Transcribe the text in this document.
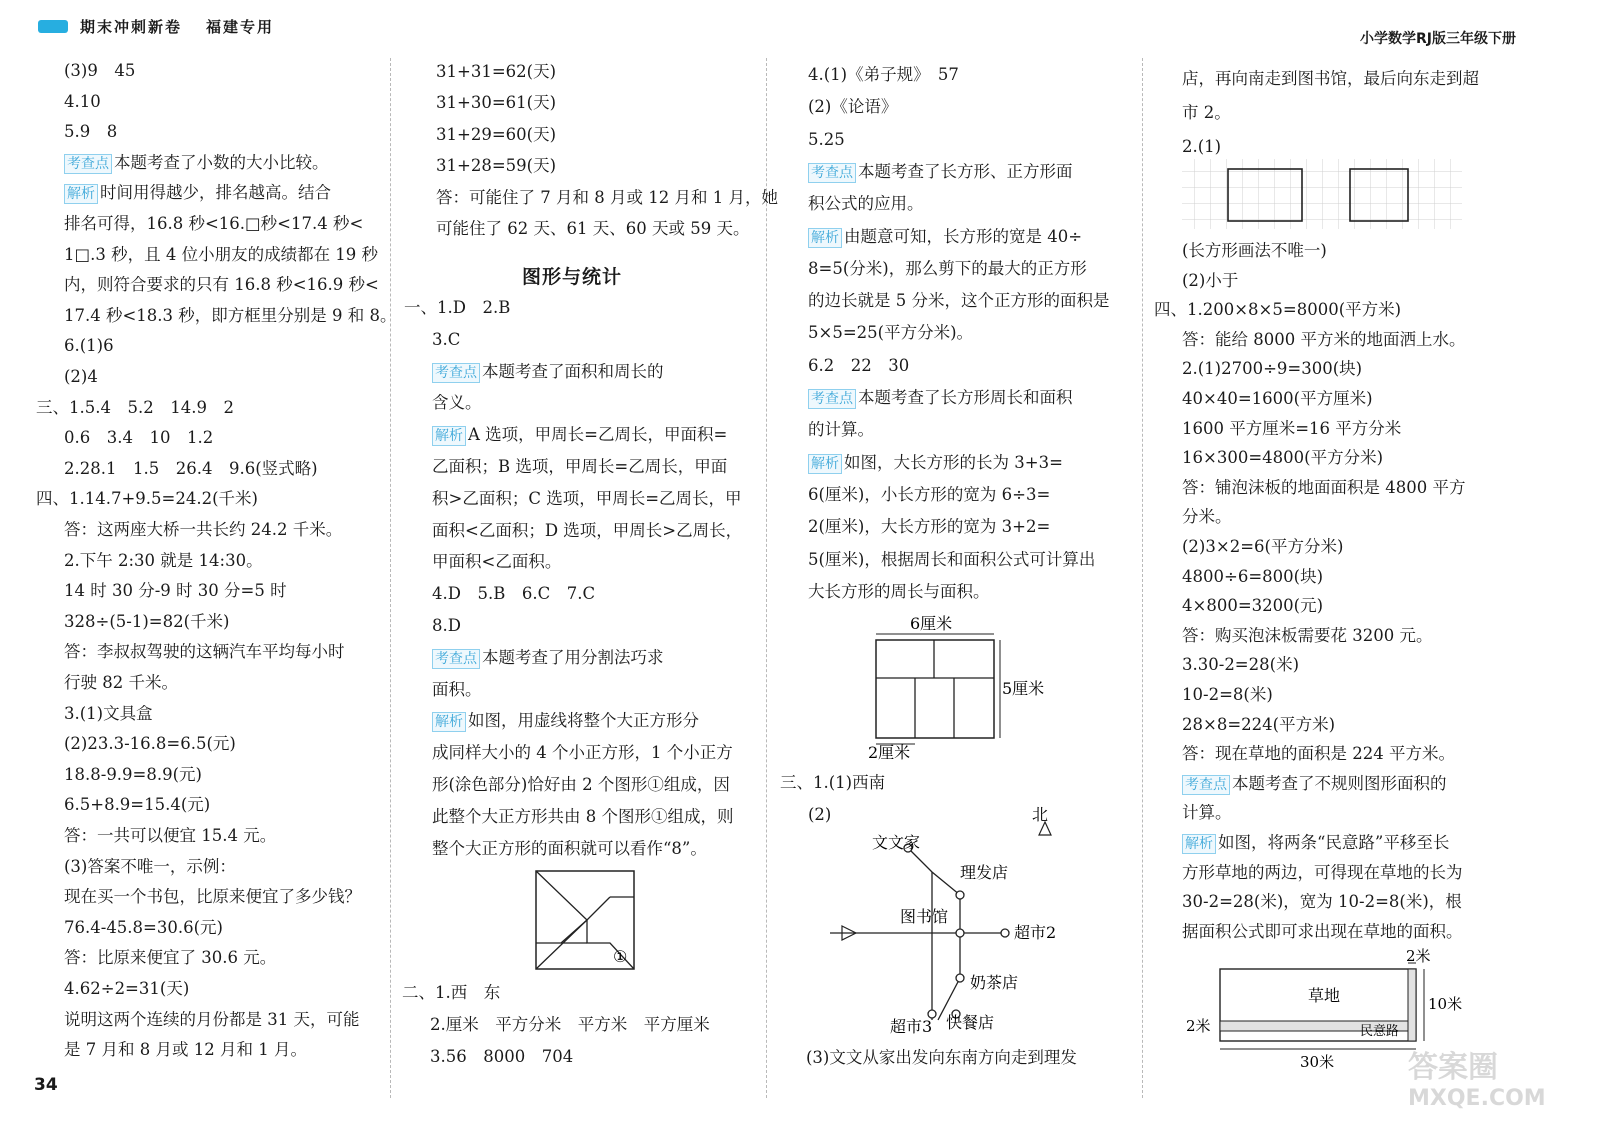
期末冲刺新卷 福建专用
小学数学RJ版三年级下册
(3)9　45
4.10
5.9　8
考查点 本题考查了小数的大小比较。
解析 时间用得越少，排名越高。结合
排名可得，16.8 秒<16.□秒<17.4 秒<
1□.3 秒，且 4 位小朋友的成绩都在 19 秒
内，则符合要求的只有 16.8 秒<16.9 秒<
17.4 秒<18.3 秒，即方框里分别是 9 和 8。
6.(1)6
(2)4
三、1.5.4　5.2　14.9　2
0.6　3.4　10　1.2
2.28.1　1.5　26.4　9.6(竖式略)
四、1.14.7+9.5=24.2(千米)
答：这两座大桥一共长约 24.2 千米。
2.下午 2:30 就是 14:30。
14 时 30 分-9 时 30 分=5 时
328÷(5-1)=82(千米)
答：李叔叔驾驶的这辆汽车平均每小时
行驶 82 千米。
3.(1)文具盒
(2)23.3-16.8=6.5(元)
18.8-9.9=8.9(元)
6.5+8.9=15.4(元)
答：一共可以便宜 15.4 元。
(3)答案不唯一，示例：
现在买一个书包，比原来便宜了多少钱？
76.4-45.8=30.6(元)
答：比原来便宜了 30.6 元。
4.62÷2=31(天)
说明这两个连续的月份都是 31 天，可能
是 7 月和 8 月或 12 月和 1 月。
31+31=62(天)
31+30=61(天)
31+29=60(天)
31+28=59(天)
答：可能住了 7 月和 8 月或 12 月和 1 月，她
可能住了 62 天、61 天、60 天或 59 天。
图形与统计
一、1.D　2.B
3.C
考查点 本题考查了面积和周长的
含义。
解析 A 选项，甲周长=乙周长，甲面积=
乙面积；B 选项，甲周长=乙周长，甲面
积>乙面积；C 选项，甲周长=乙周长，甲
面积<乙面积；D 选项，甲周长>乙周长，
甲面积<乙面积。
4.D　5.B　6.C　7.C
8.D
考查点 本题考查了用分割法巧求
面积。
解析 如图，用虚线将整个大正方形分
成同样大小的 4 个小正方形，1 个小正方
形(涂色部分)恰好由 2 个图形①组成，因
此整个大正方形共由 8 个图形①组成，则
整个大正方形的面积就可以看作“8”。
二、1.西　东
2.厘米　平方分米　平方米　平方厘米
3.56　8000　704
4.(1)《弟子规》　57
(2)《论语》
5.25
考查点 本题考查了长方形、正方形面
积公式的应用。
解析 由题意可知，长方形的宽是 40÷
8=5(分米)，那么剪下的最大的正方形
的边长就是 5 分米，这个正方形的面积是
5×5=25(平方分米)。
6.2　22　30
考查点 本题考查了长方形周长和面积
的计算。
解析 如图，大长方形的长为 3+3=
6(厘米)，小长方形的宽为 6÷3=
2(厘米)，大长方形的宽为 3+2=
5(厘米)，根据周长和面积公式可计算出
大长方形的周长与面积。
三、1.(1)西南
(2)
(3)文文从家出发向东南方向走到理发
店，再向南走到图书馆，最后向东走到超
市 2。
2.(1)
(长方形画法不唯一)
(2)小于
四、1.200×8×5=8000(平方米)
答：能给 8000 平方米的地面洒上水。
2.(1)2700÷9=300(块)
40×40=1600(平方厘米)
1600 平方厘米=16 平方分米
16×300=4800(平方分米)
答：铺泡沫板的地面面积是 4800 平方
分米。
(2)3×2=6(平方分米)
4800÷6=800(块)
4×800=3200(元)
答：购买泡沫板需要花 3200 元。
3.30-2=28(米)
10-2=8(米)
28×8=224(平方米)
答：现在草地的面积是 224 平方米。
考查点 本题考查了不规则图形面积的
计算。
解析 如图，将两条“民意路”平移至长
方形草地的两边，可得现在草地的长为
30-2=28(米)，宽为 10-2=8(米)，根
据面积公式即可求出现在草地的面积。
①
6厘米
5厘米
2厘米
北
文文家
理发店
图书馆
超市2
奶茶店
超市3 快餐店
草地
民意路
2米
10米
2米
30米
34	答案圈
MXQE.COM
